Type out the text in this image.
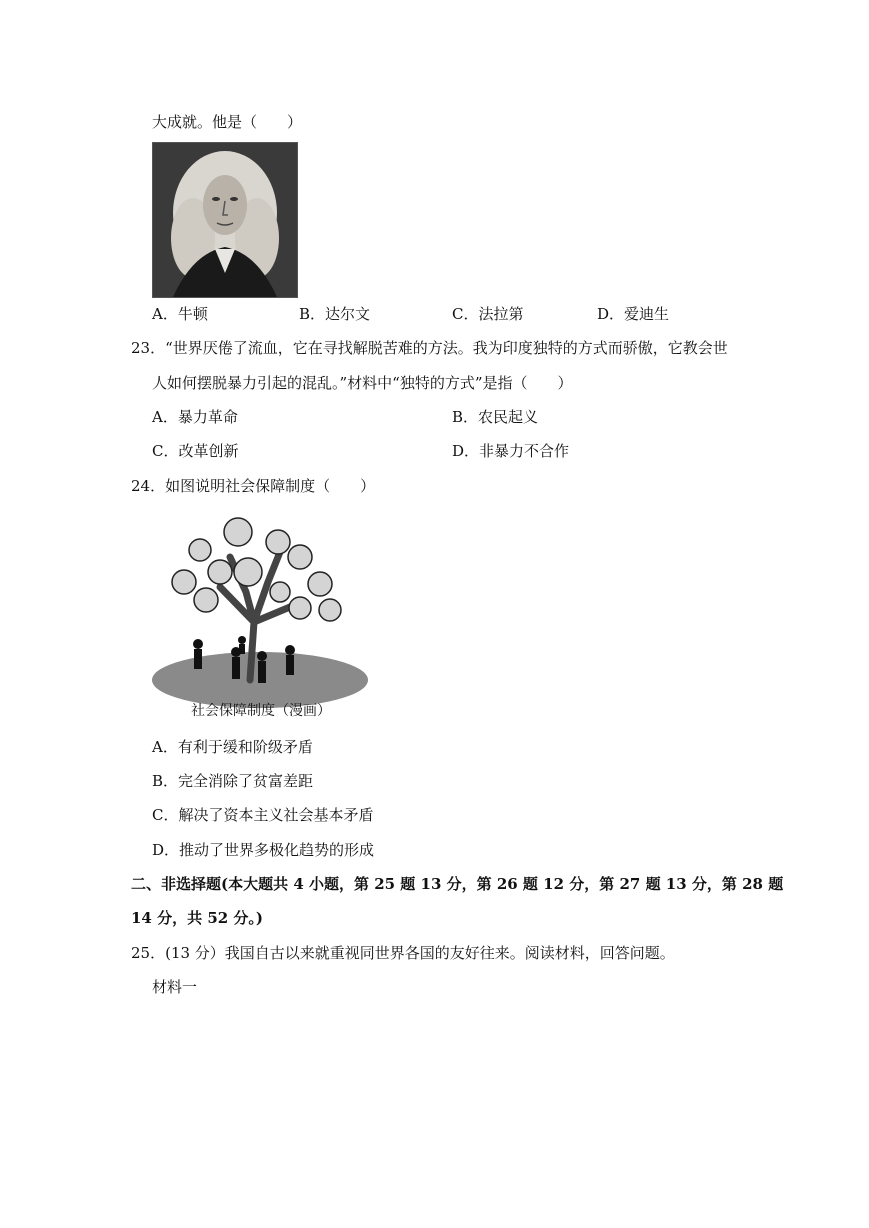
大成就。他是（　　）
A．牛顿	B．达尔文	C．法拉第	D．爱迪生
23．“世界厌倦了流血，它在寻找解脱苦难的方法。我为印度独特的方式而骄傲，它教会世
人如何摆脱暴力引起的混乱。”材料中“独特的方式”是指（　　）
A．暴力革命	B．农民起义
C．改革创新	D．非暴力不合作
24．如图说明社会保障制度（　　）
社会保障制度（漫画）
A．有利于缓和阶级矛盾
B．完全消除了贫富差距
C．解决了资本主义社会基本矛盾
D．推动了世界多极化趋势的形成
二、非选择题(本大题共 4 小题，第 25 题 13 分，第 26 题 12 分，第 27 题 13 分，第 28 题
14 分，共 52 分。)
25．(13 分）我国自古以来就重视同世界各国的友好往来。阅读材料，回答问题。
材料一
